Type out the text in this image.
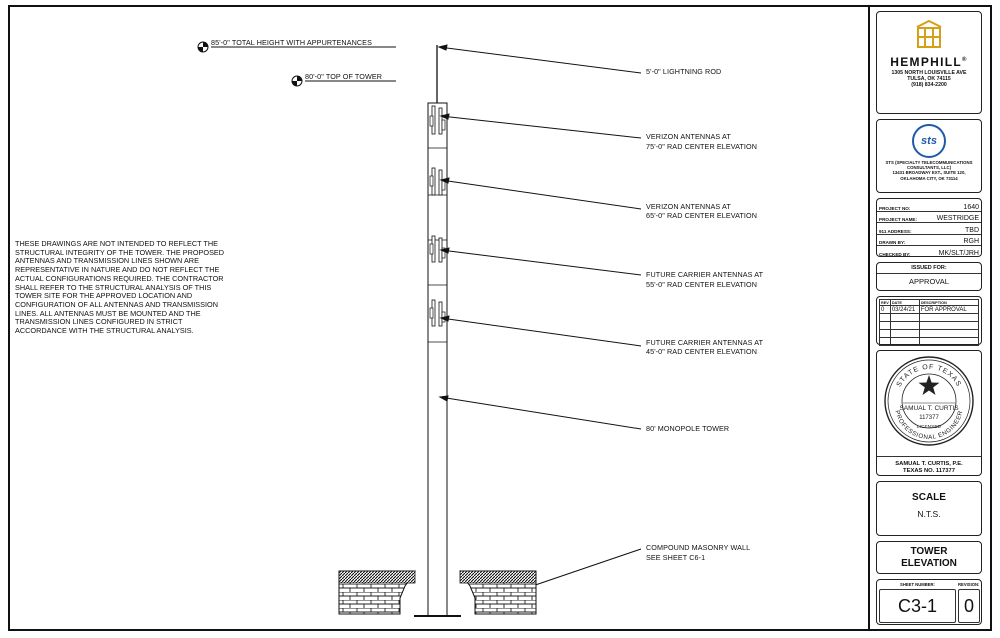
85'-0" TOTAL HEIGHT WITH APPURTENANCES
80'-0" TOP OF TOWER
5'-0" LIGHTNING ROD
VERIZON ANTENNAS AT
75'-0" RAD CENTER ELEVATION
VERIZON ANTENNAS AT
65'-0" RAD CENTER ELEVATION
FUTURE CARRIER ANTENNAS AT
55'-0" RAD CENTER ELEVATION
FUTURE CARRIER ANTENNAS AT
45'-0" RAD CENTER ELEVATION
80' MONOPOLE TOWER
COMPOUND MASONRY WALL
SEE SHEET C6-1
THESE DRAWINGS ARE NOT INTENDED TO REFLECT THE
STRUCTURAL INTEGRITY OF THE TOWER. THE PROPOSED
ANTENNAS AND TRANSMISSION LINES SHOWN ARE
REPRESENTATIVE IN NATURE AND DO NOT REFLECT THE
ACTUAL CONFIGURATIONS REQUIRED. THE CONTRACTOR
SHALL REFER TO THE STRUCTURAL ANALYSIS OF THIS
TOWER SITE FOR THE APPROVED LOCATION AND
CONFIGURATION OF ALL ANTENNAS AND TRANSMISSION
LINES. ALL ANTENNAS MUST BE MOUNTED AND THE
TRANSMISSION LINES CONFIGURED IN STRICT
ACCORDANCE WITH THE STRUCTURAL ANALYSIS.
HEMPHILL®
1305 NORTH LOUISVILLE AVE
TULSA, OK 74115
(918) 834-2200
sts
STS (SPECIALTY TELECOMMUNICATIONS
CONSULTANTS, LLC)
13431 BROADWAY EXT., SUITE 120,
OKLAHOMA CITY, OK 73114
PROJECT NO:	1640
PROJECT NAME:	WESTRIDGE
911 ADDRESS:	TBD
DRAWN BY:	RGH
CHECKED BY:	MK/SLT/JRH
ISSUED FOR:
APPROVAL
REV	DATE	DESCRIPTION
0	03/24/21	FOR APPROVAL

STATE OF TEXAS
PROFESSIONAL ENGINEER
SAMUAL T. CURTIS
117377
LICENSED
SAMUAL T. CURTIS, P.E.
TEXAS NO. 117377
SCALE
N.T.S.
TOWER
ELEVATION
SHEET NUMBER:	REVISION:
C3-1	0
